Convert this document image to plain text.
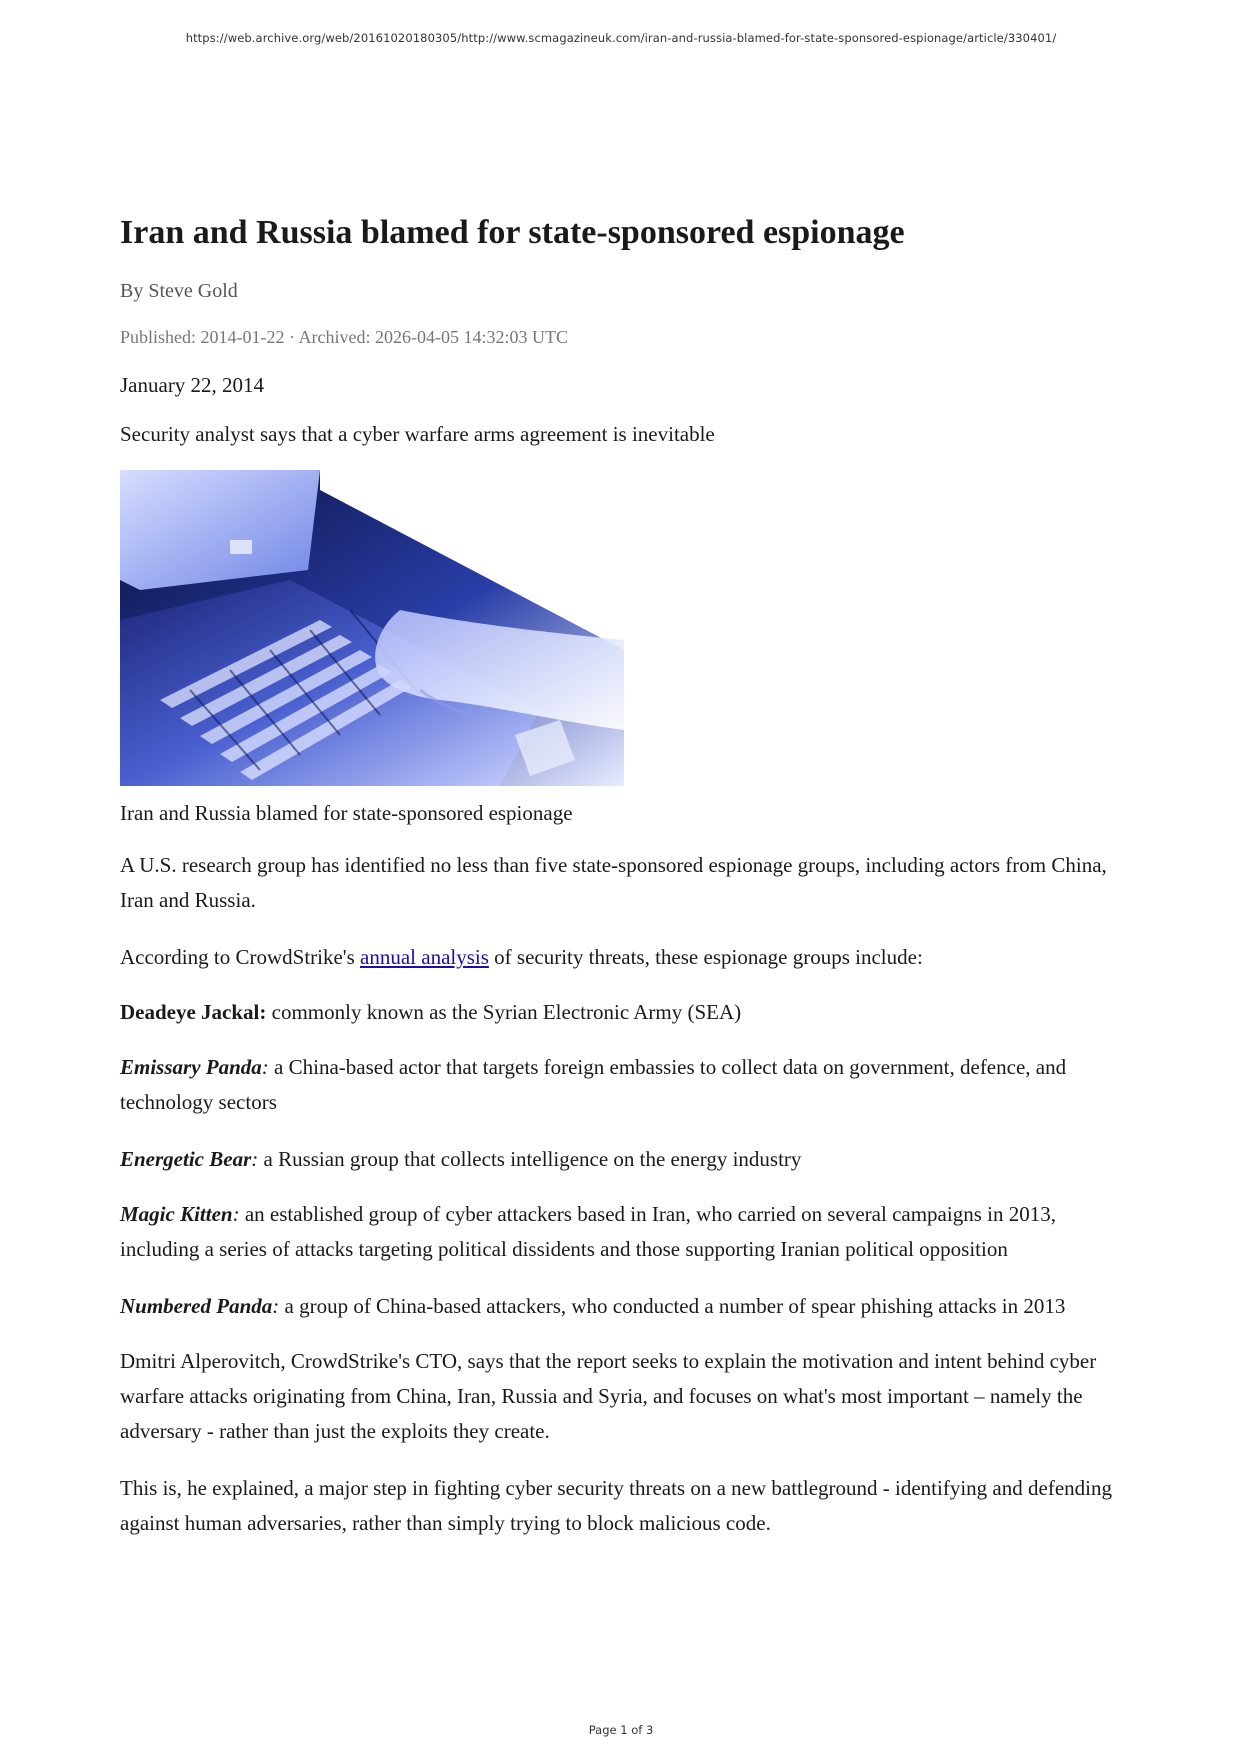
https://web.archive.org/web/20161020180305/http://www.scmagazineuk.com/iran-and-russia-blamed-for-state-sponsored-espionage/article/330401/
Iran and Russia blamed for state-sponsored espionage
By Steve Gold
Published: 2014-01-22 · Archived: 2026-04-05 14:32:03 UTC

January 22, 2014

Security analyst says that a cyber warfare arms agreement is inevitable

Iran and Russia blamed for state-sponsored espionage

A U.S. research group has identified no less than five state-sponsored espionage groups, including actors from China, Iran and Russia.

According to CrowdStrike's annual analysis of security threats, these espionage groups include:

Deadeye Jackal: commonly known as the Syrian Electronic Army (SEA)

Emissary Panda: a China-based actor that targets foreign embassies to collect data on government, defence, and technology sectors

Energetic Bear: a Russian group that collects intelligence on the energy industry

Magic Kitten: an established group of cyber attackers based in Iran, who carried on several campaigns in 2013, including a series of attacks targeting political dissidents and those supporting Iranian political opposition

Numbered Panda: a group of China-based attackers, who conducted a number of spear phishing attacks in 2013

Dmitri Alperovitch, CrowdStrike's CTO, says that the report seeks to explain the motivation and intent behind cyber warfare attacks originating from China, Iran, Russia and Syria, and focuses on what's most important – namely the adversary - rather than just the exploits they create.

This is, he explained, a major step in fighting cyber security threats on a new battleground - identifying and defending against human adversaries, rather than simply trying to block malicious code.

Page 1 of 3
